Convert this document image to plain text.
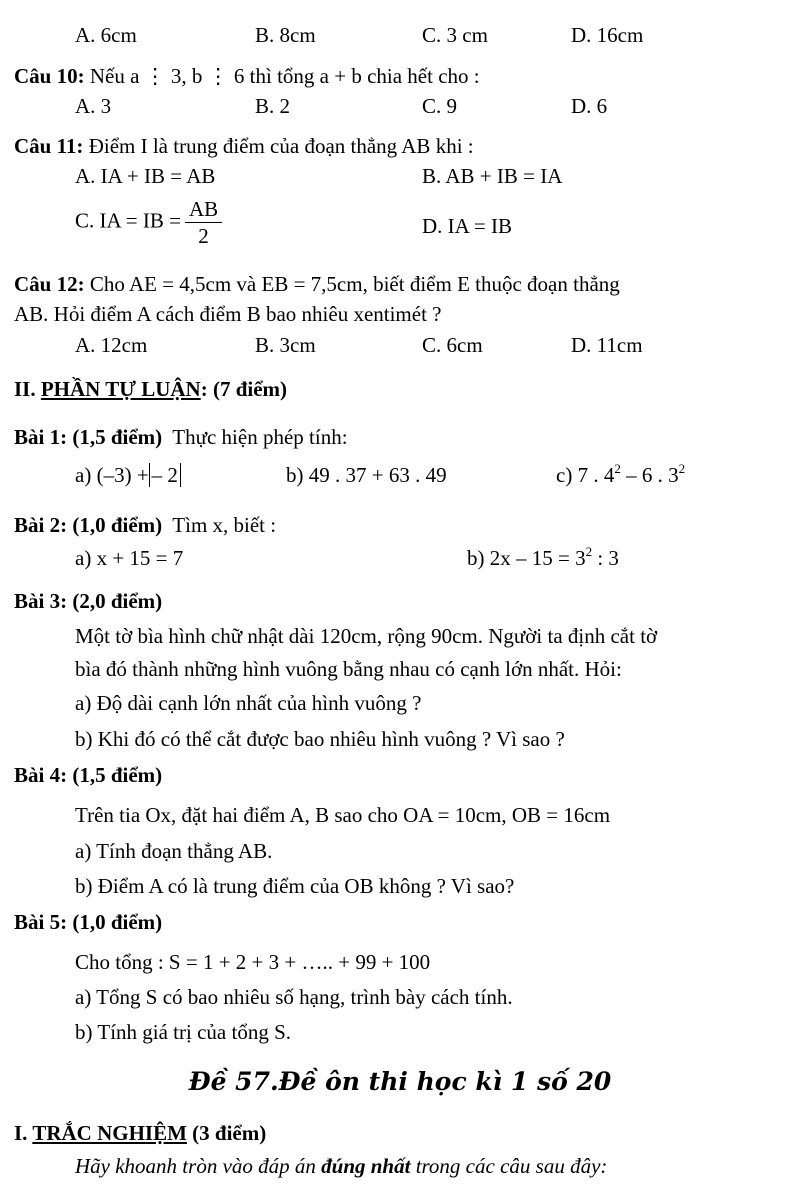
A. 6cm	B. 8cm	C. 3 cm	D. 16cm
Câu 10: Nếu a ⋮ 3, b ⋮ 6 thì tổng a + b chia hết cho :
A. 3	B. 2	C. 9	D. 6
Câu 11: Điểm I là trung điểm của đoạn thẳng AB khi :
A. IA + IB = AB	B. AB + IB = IA
C. IA = IB = $\frac{AB}{2}$	D. IA = IB
Câu 12: Cho AE = 4,5cm và EB = 7,5cm, biết điểm E thuộc đoạn thẳng
AB. Hỏi điểm A cách điểm B bao nhiêu xentimét ?
A. 12cm	B. 3cm	C. 6cm	D. 11cm
II. PHẦN TỰ LUẬN: (7 điểm)
Bài 1: (1,5 điểm) Thực hiện phép tính:
a) (–3) + – 2	b) 49 . 37 + 63 . 49	c) 7 . $4^2 - 6$ . $3^2$
Bài 2: (1,0 điểm) Tìm x, biết :
a) x + 15 = 7	b) $2x - 15 = 3^2$ : 3
Bài 3: (2,0 điểm)
Một tờ bìa hình chữ nhật dài 120cm, rộng 90cm. Người ta định cắt tờ
bìa đó thành những hình vuông bằng nhau có cạnh lớn nhất. Hỏi:
a) Độ dài cạnh lớn nhất của hình vuông ?
b) Khi đó có thể cắt được bao nhiêu hình vuông ? Vì sao ?
Bài 4: (1,5 điểm)
Trên tia Ox, đặt hai điểm A, B sao cho OA = 10cm, OB = 16cm
a) Tính đoạn thẳng AB.
b) Điểm A có là trung điểm của OB không ? Vì sao?
Bài 5: (1,0 điểm)
Cho tổng : S = 1 + 2 + 3 + ….. + 99 + 100
a) Tổng S có bao nhiêu số hạng, trình bày cách tính.
b) Tính giá trị của tổng S.
Đề 57.Đề ôn thi học kì 1 số 20
I. TRẮC NGHIỆM (3 điểm)
Hãy khoanh tròn vào đáp án đúng nhất trong các câu sau đây:
